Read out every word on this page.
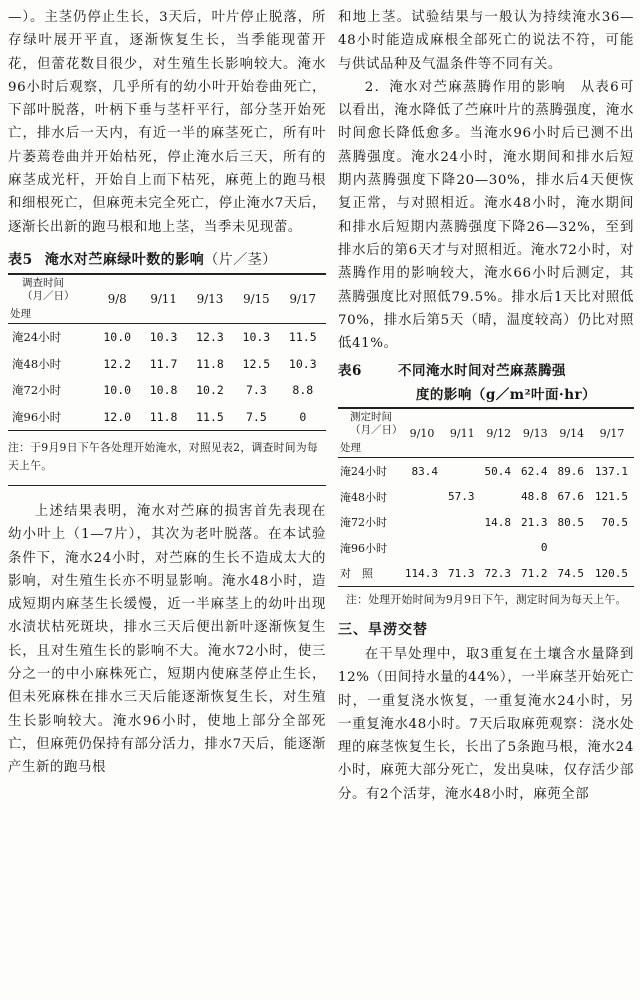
—）。主茎仍停止生长，3天后，叶片停止脱落，所存绿叶展开平直，逐渐恢复生长，当季能现蕾开花，但蕾花数目很少，对生殖生长影响较大。淹水96小时后观察，几乎所有的幼小叶开始卷曲死亡，下部叶脱落，叶柄下垂与茎杆平行，部分茎开始死亡，排水后一天内，有近一半的麻茎死亡，所有叶片萎蔫卷曲并开始枯死，停止淹水后三天，所有的麻茎成光杆，开始自上而下枯死，麻蔸上的跑马根和细根死亡，但麻蔸未完全死亡，停止淹水7天后，逐渐长出新的跑马根和地上茎，当季未见现蕾。

表5 淹水对苎麻绿叶数的影响（片／茎）
调查时间
（月／日）
处理	9/8	9/11	9/13	9/15	9/17
淹24小时	10.0	10.3	12.3	10.3	11.5
淹48小时	12.2	11.7	11.8	12.5	10.3
淹72小时	10.0	10.8	10.2	7.3	8.8
淹96小时	12.0	11.8	11.5	7.5	0

注：于9月9日下午各处理开始淹水，对照见表2，调查时间为每天上午。

上述结果表明，淹水对苎麻的损害首先表现在幼小叶上（1—7片），其次为老叶脱落。在本试验条件下，淹水24小时，对苎麻的生长不造成太大的影响，对生殖生长亦不明显影响。淹水48小时，造成短期内麻茎生长缓慢，近一半麻茎上的幼叶出现水渍状枯死斑块，排水三天后便出新叶逐渐恢复生长，且对生殖生长的影响不大。淹水72小时，使三分之一的中小麻株死亡，短期内使麻茎停止生长，但未死麻株在排水三天后能逐渐恢复生长，对生殖生长影响较大。淹水96小时，使地上部分全部死亡，但麻蔸仍保持有部分活力，排水7天后，能逐渐产生新的跑马根

和地上茎。试验结果与一般认为持续淹水36—48小时能造成麻根全部死亡的说法不符，可能与供试品种及气温条件等不同有关。

2．淹水对苎麻蒸腾作用的影响　从表6可以看出，淹水降低了苎麻叶片的蒸腾强度，淹水时间愈长降低愈多。当淹水96小时后已测不出蒸腾强度。淹水24小时，淹水期间和排水后短期内蒸腾强度下降20—30%，排水后4天便恢复正常，与对照相近。淹水48小时，淹水期间和排水后短期内蒸腾强度下降26—32%，至到排水后的第6天才与对照相近。淹水72小时，对蒸腾作用的影响较大，淹水66小时后测定，其蒸腾强度比对照低79.5%。排水后1天比对照低70%，排水后第5天（晴，温度较高）仍比对照低41%。

表6	不同淹水时间对苎麻蒸腾强
度的影响（g／m²叶面·hr）
测定时间
（月／日）
处理	9/10	9/11	9/12	9/13	9/14	9/17
淹24小时	83.4		50.4	62.4	89.6	137.1
淹48小时		57.3		48.8	67.6	121.5
淹72小时			14.8	21.3	80.5	70.5
淹96小时				0		
对　照	114.3	71.3	72.3	71.2	74.5	120.5

注：处理开始时间为9月9日下午，测定时间为每天上午。

三、旱涝交替

在干旱处理中，取3重复在土壤含水量降到12%（田间持水量的44%），一半麻茎开始死亡时，一重复浇水恢复，一重复淹水24小时，另一重复淹水48小时。7天后取麻蔸观察：浇水处理的麻茎恢复生长，长出了5条跑马根，淹水24小时，麻蔸大部分死亡，发出臭味，仅存活少部分。有2个活芽，淹水48小时，麻蔸全部
